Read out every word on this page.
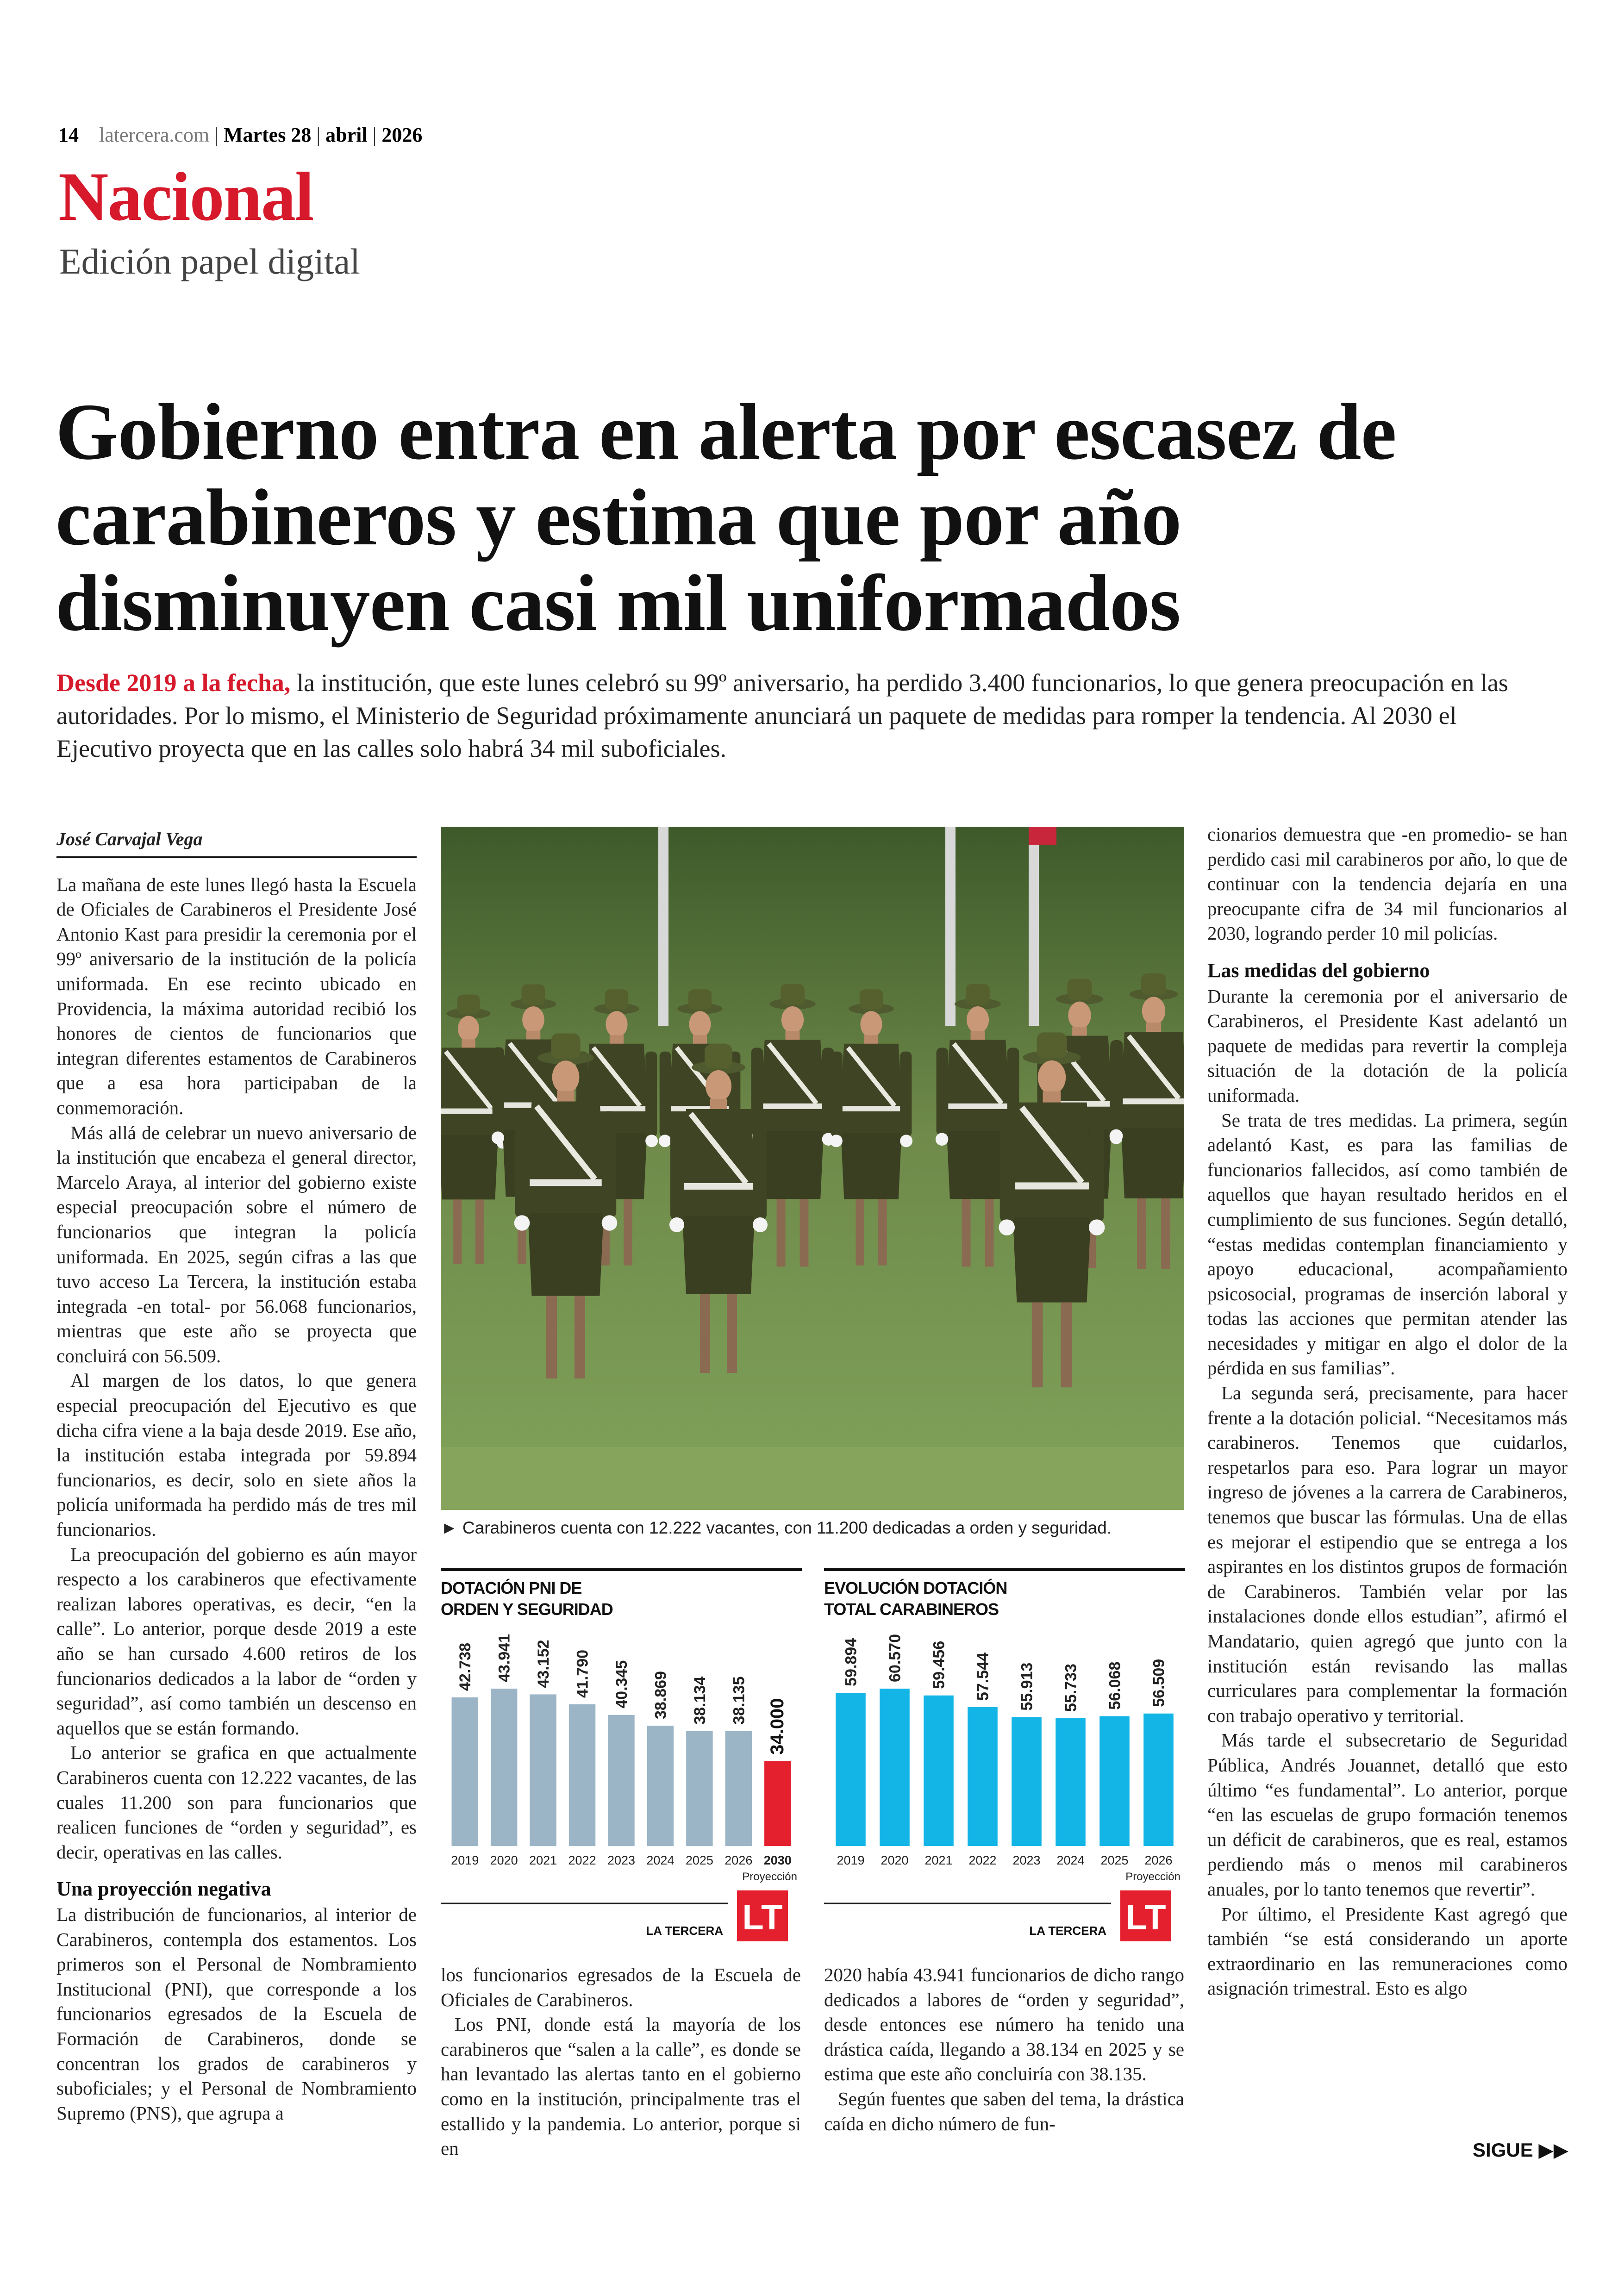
14 latercera.com | Martes 28 | abril | 2026
Nacional
Edición papel digital
Gobierno entra en alerta por escasez de carabineros y estima que por año disminuyen casi mil uniformados
Desde 2019 a la fecha, la institución, que este lunes celebró su 99º aniversario, ha perdido 3.400 funcionarios, lo que genera preocupación en las autoridades. Por lo mismo, el Ministerio de Seguridad próximamente anunciará un paquete de medidas para romper la tendencia. Al 2030 el Ejecutivo proyecta que en las calles solo habrá 34 mil suboficiales.
José Carvajal Vega

La mañana de este lunes llegó hasta la Escuela de Oficiales de Carabineros el Presidente José Antonio Kast para presidir la ceremonia por el 99º aniversario de la institución de la policía uniformada. En ese recinto ubicado en Providencia, la máxima autoridad recibió los honores de cientos de funcionarios que integran diferentes estamentos de Carabineros que a esa hora participaban de la conmemoración.

Más allá de celebrar un nuevo aniversario de la institución que encabeza el general director, Marcelo Araya, al interior del gobierno existe especial preocupación sobre el número de funcionarios que integran la policía uniformada. En 2025, según cifras a las que tuvo acceso La Tercera, la institución estaba integrada -en total- por 56.068 funcionarios, mientras que este año se proyecta que concluirá con 56.509.

Al margen de los datos, lo que genera especial preocupación del Ejecutivo es que dicha cifra viene a la baja desde 2019. Ese año, la institución estaba integrada por 59.894 funcionarios, es decir, solo en siete años la policía uniformada ha perdido más de tres mil funcionarios.

La preocupación del gobierno es aún mayor respecto a los carabineros que efectivamente realizan labores operativas, es decir, “en la calle”. Lo anterior, porque desde 2019 a este año se han cursado 4.600 retiros de los funcionarios dedicados a la labor de “orden y seguridad”, así como también un descenso en aquellos que se están formando.

Lo anterior se grafica en que actualmente Carabineros cuenta con 12.222 vacantes, de las cuales 11.200 son para funcionarios que realicen funciones de “orden y seguridad”, es decir, operativas en las calles.

Una proyección negativa

La distribución de funcionarios, al interior de Carabineros, contempla dos estamentos. Los primeros son el Personal de Nombramiento Institucional (PNI), que corresponde a los funcionarios egresados de la Escuela de Formación de Carabineros, donde se concentran los grados de carabineros y suboficiales; y el Personal de Nombramiento Supremo (PNS), que agrupa a

► Carabineros cuenta con 12.222 vacantes, con 11.200 dedicadas a orden y seguridad.
DOTACIÓN PNI DE ORDEN Y SEGURIDAD
42.738
2019
43.941
2020
43.152
2021
41.790
2022
40.345
2023
38.869
2024
38.134
2025
38.135
2026
34.000
2030
Proyección
LA TERCERA LT
EVOLUCIÓN DOTACIÓN TOTAL CARABINEROS
59.894
2019
60.570
2020
59.456
2021
57.544
2022
55.913
2023
55.733
2024
56.068
2025
56.509
2026
Proyección
LA TERCERA LT

los funcionarios egresados de la Escuela de Oficiales de Carabineros.

Los PNI, donde está la mayoría de los carabineros que “salen a la calle”, es donde se han levantado las alertas tanto en el gobierno como en la institución, principalmente tras el estallido y la pandemia. Lo anterior, porque si en

2020 había 43.941 funcionarios de dicho rango dedicados a labores de “orden y seguridad”, desde entonces ese número ha tenido una drástica caída, llegando a 38.134 en 2025 y se estima que este año concluiría con 38.135.

Según fuentes que saben del tema, la drástica caída en dicho número de fun-

cionarios demuestra que -en promedio- se han perdido casi mil carabineros por año, lo que de continuar con la tendencia dejaría en una preocupante cifra de 34 mil funcionarios al 2030, logrando perder 10 mil policías.

Las medidas del gobierno

Durante la ceremonia por el aniversario de Carabineros, el Presidente Kast adelantó un paquete de medidas para revertir la compleja situación de la dotación de la policía uniformada.

Se trata de tres medidas. La primera, según adelantó Kast, es para las familias de funcionarios fallecidos, así como también de aquellos que hayan resultado heridos en el cumplimiento de sus funciones. Según detalló, “estas medidas contemplan financiamiento y apoyo educacional, acompañamiento psicosocial, programas de inserción laboral y todas las acciones que permitan atender las necesidades y mitigar en algo el dolor de la pérdida en sus familias”.

La segunda será, precisamente, para hacer frente a la dotación policial. “Necesitamos más carabineros. Tenemos que cuidarlos, respetarlos para eso. Para lograr un mayor ingreso de jóvenes a la carrera de Carabineros, tenemos que buscar las fórmulas. Una de ellas es mejorar el estipendio que se entrega a los aspirantes en los distintos grupos de formación de Carabineros. También velar por las instalaciones donde ellos estudian”, afirmó el Mandatario, quien agregó que junto con la institución están revisando las mallas curriculares para complementar la formación con trabajo operativo y territorial.

Más tarde el subsecretario de Seguridad Pública, Andrés Jouannet, detalló que esto último “es fundamental”. Lo anterior, porque “en las escuelas de grupo formación tenemos un déficit de carabineros, que es real, estamos perdiendo más o menos mil carabineros anuales, por lo tanto tenemos que revertir”.

Por último, el Presidente Kast agregó que también “se está considerando un aporte extraordinario en las remuneraciones como asignación trimestral. Esto es algo

SIGUE ▶▶
